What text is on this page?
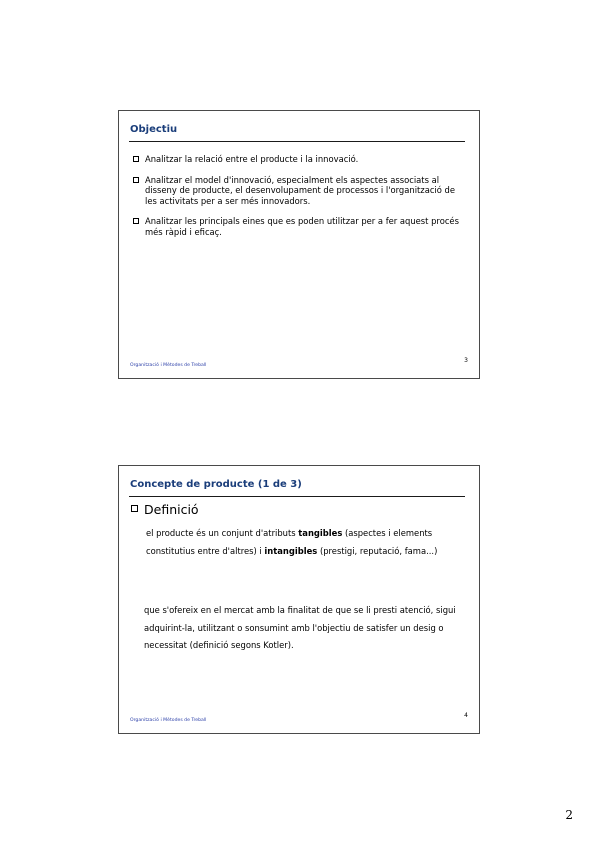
Objectiu
Analitzar la relació entre el producte i la innovació.
Analitzar el model d'innovació, especialment els aspectes associats al disseny de producte, el desenvolupament de processos i l'organització de les activitats per a ser més innovadors.
Analitzar les principals eines que es poden utilitzar per a fer aquest procés més ràpid i eficaç.
Organització i Mètodes de Treball
3
Concepte de producte (1 de 3)
Definició
el producte és un conjunt d'atributs tangibles (aspectes i elements constitutius entre d'altres) i intangibles (prestigi, reputació, fama...)
que s'ofereix en el mercat amb la finalitat de que se li presti atenció, sigui adquirint-la, utilitzant o sonsumint amb l'objectiu de satisfer un desig o necessitat (definició segons Kotler).
Organització i Mètodes de Treball
4
2
